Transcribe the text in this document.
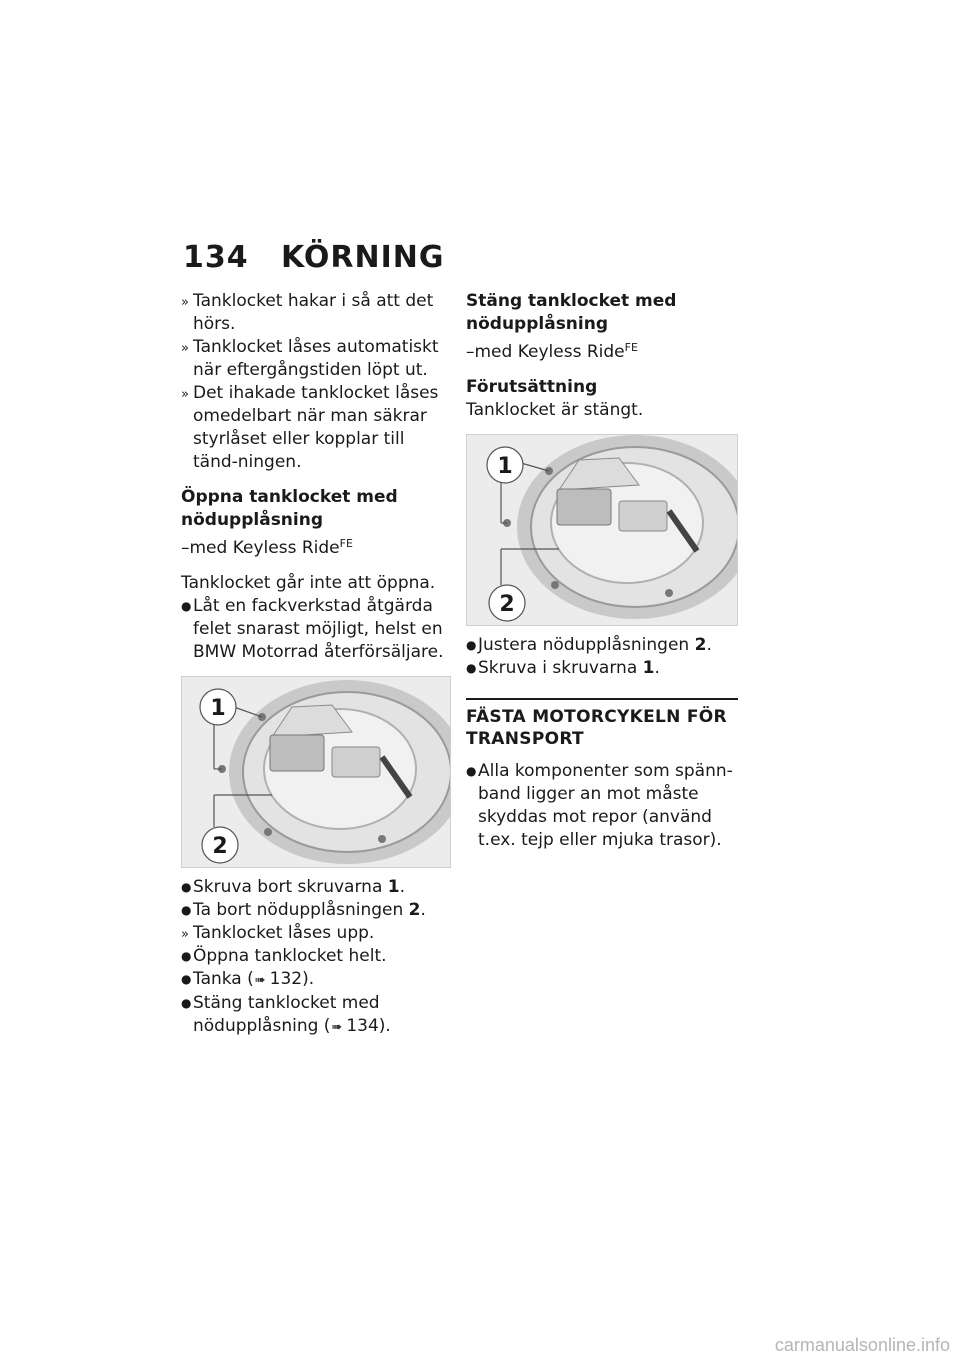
134 KÖRNING

» Tanklocket hakar i så att det hörs.

» Tanklocket låses automatiskt när eftergångstiden löpt ut.

» Det ihakade tanklocket låses omedelbart när man säkrar styrlåset eller kopplar till tänd-ningen.

Öppna tanklocket med nödupplåsning

–med Keyless Ride$^{FE}$

Tanklocket går inte att öppna.

● Låt en fackverkstad åtgärda felet snarast möjligt, helst en BMW Motorrad återförsäljare.

1
2

● Skruva bort skruvarna 1.

● Ta bort nödupplåsningen 2.

» Tanklocket låses upp.

● Öppna tanklocket helt.

● Tanka (➠ 132).

● Stäng tanklocket med nödupplåsning (➠ 134).

Stäng tanklocket med nödupplåsning

–med Keyless Ride$^{FE}$

Förutsättning

Tanklocket är stängt.

1
2

● Justera nödupplåsningen 2.

● Skruva i skruvarna 1.

FÄSTA MOTORCYKELN FÖR TRANSPORT

● Alla komponenter som spänn-band ligger an mot måste skyddas mot repor (använd t.ex. tejp eller mjuka trasor).

carmanualsonline.info
